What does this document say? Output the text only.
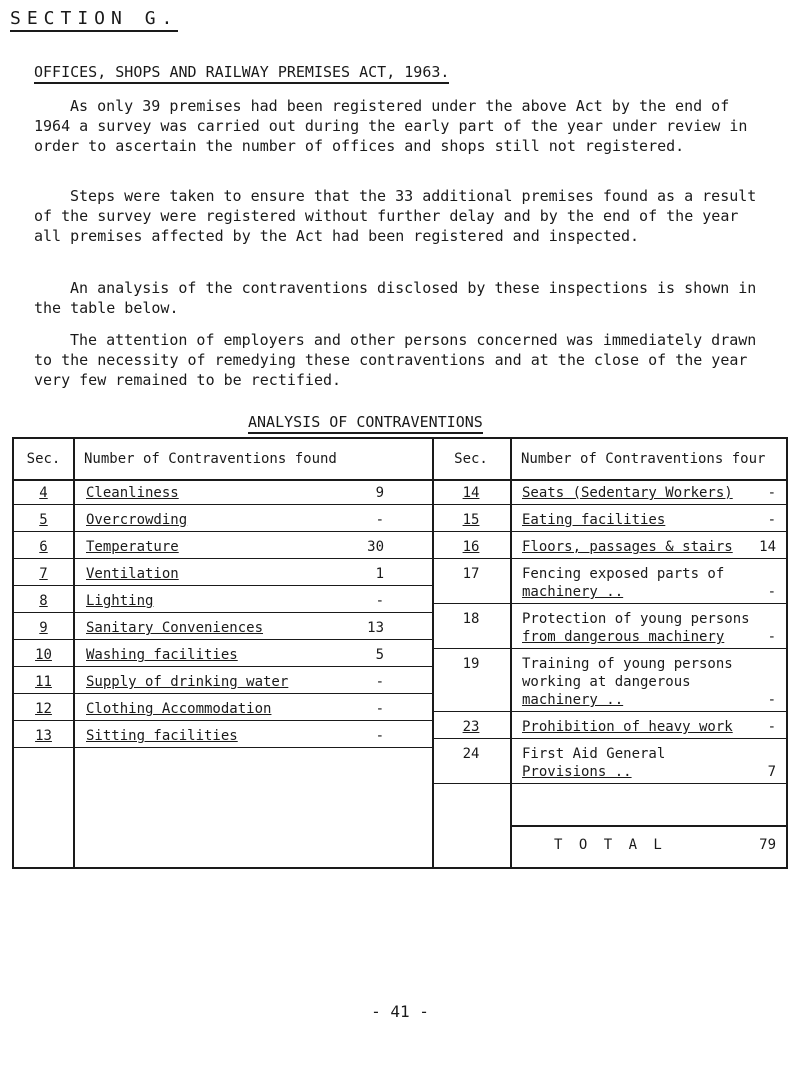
SECTION G.
OFFICES, SHOPS AND RAILWAY PREMISES ACT, 1963.

As only 39 premises had been registered under the above Act by the end of 1964 a survey was carried out during the early part of the year under review in order to ascertain the number of offices and shops still not registered.

Steps were taken to ensure that the 33 additional premises found as a result of the survey were registered without further delay and by the end of the year all premises affected by the Act had been registered and inspected.

An analysis of the contraventions disclosed by these inspections is shown in the table below.

The attention of employers and other persons concerned was immediately drawn to the necessity of remedying these contraventions and at the close of the year very few remained to be rectified.

ANALYSIS OF CONTRAVENTIONS
Sec.	Number of Contraventions found	Sec.	Number of Contraventions four
4	Cleanliness	9
5	Overcrowding	-
6	Temperature	30
7	Ventilation	1
8	Lighting	-
9	Sanitary Conveniences	13
10	Washing facilities	5
11	Supply of drinking water	-
12	Clothing Accommodation	-
13	Sitting facilities	-
14	Seats (Sedentary Workers)	-
15	Eating facilities	-
16	Floors, passages & stairs	14
17	Fencing exposed parts of
machinery ..	-
18	Protection of young persons
from dangerous machinery	-
19	Training of young persons
working at dangerous
machinery ..	-
23	Prohibition of heavy work	-
24	First Aid General
Provisions ..	7
T O T A L	79
- 41 -
